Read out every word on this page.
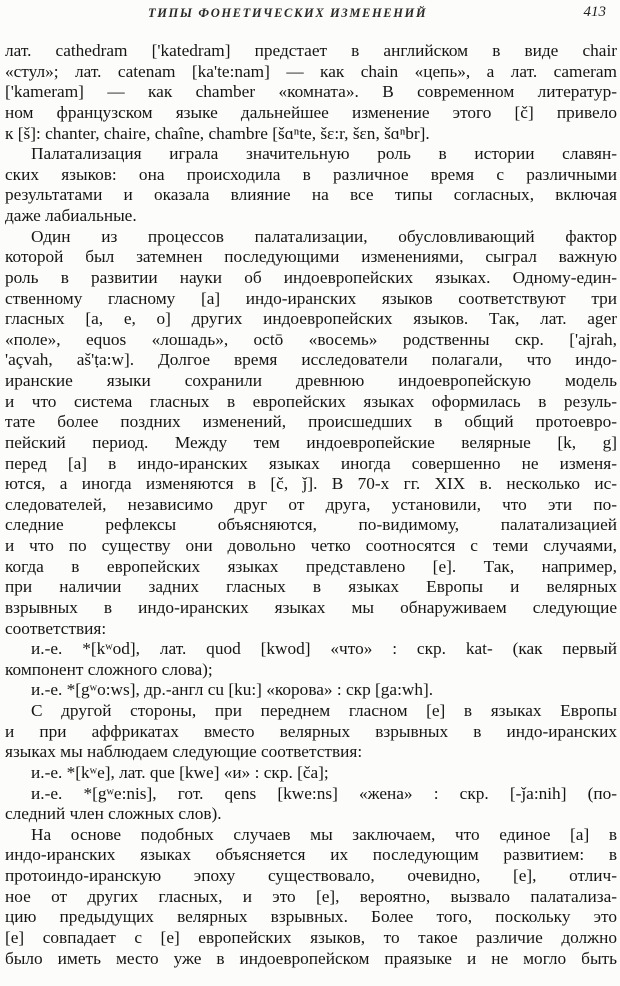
ТИПЫ ФОНЕТИЧЕСКИХ ИЗМЕНЕНИЙ	413
лат. cathedram ['katedram] предстает в английском в виде chair
«стул»; лат. catenam [ka'te:nam] — как chain «цепь», а лат. cameram
['kameram] — как chamber «комната». В современном литератур-
ном французском языке дальнейшее изменение этого [č] привело
к [š]: chanter, chaire, chaîne, chambre [šɑⁿte, šɛ:r, šɛn, šɑⁿbr].
Палатализация играла значительную роль в истории славян-
ских языков: она происходила в различное время с различными
результатами и оказала влияние на все типы согласных, включая
даже лабиальные.
Один из процессов палатализации, обусловливающий фактор
которой был затемнен последующими изменениями, сыграл важную
роль в развитии науки об индоевропейских языках. Одному-един-
ственному гласному [a] индо-иранских языков соответствуют три
гласных [a, e, o] других индоевропейских языков. Так, лат. ager
«поле», equos «лошадь», octō «восемь» родственны скр. ['ajrah,
'açvah, aš'ṭa:w]. Долгое время исследователи полагали, что индо-
иранские языки сохранили древнюю индоевропейскую модель
и что система гласных в европейских языках оформилась в резуль-
тате более поздних изменений, происшедших в общий протоевро-
пейский период. Между тем индоевропейские велярные [k, g]
перед [a] в индо-иранских языках иногда совершенно не изменя-
ются, а иногда изменяются в [č, ǰ]. В 70-х гг. XIX в. несколько ис-
следователей, независимо друг от друга, установили, что эти по-
следние рефлексы объясняются, по-видимому, палатализацией
и что по существу они довольно четко соотносятся с теми случаями,
когда в европейских языках представлено [e]. Так, например,
при наличии задних гласных в языках Европы и велярных
взрывных в индо-иранских языках мы обнаруживаем следующие
соответствия:
и.-е. *[kʷod], лат. quod [kwod] «что» : скр. kat- (как первый
компонент сложного слова);
и.-е. *[gʷo:ws], др.-англ cu [ku:] «корова» : скр [ga:wh].
С другой стороны, при переднем гласном [e] в языках Европы
и при аффрикатах вместо велярных взрывных в индо-иранских
языках мы наблюдаем следующие соответствия:
и.-е. *[kʷe], лат. que [kwe] «и» : скр. [ča];
и.-е. *[gʷe:nis], гот. qens [kwe:ns] «жена» : скр. [-ǰa:nih] (по-
следний член сложных слов).
На основе подобных случаев мы заключаем, что единое [a] в
индо-иранских языках объясняется их последующим развитием: в
протоиндо-иранскую эпоху существовало, очевидно, [e], отлич-
ное от других гласных, и это [e], вероятно, вызвало палатализа-
цию предыдущих велярных взрывных. Более того, поскольку это
[e] совпадает с [e] европейских языков, то такое различие должно
было иметь место уже в индоевропейском праязыке и не могло быть
